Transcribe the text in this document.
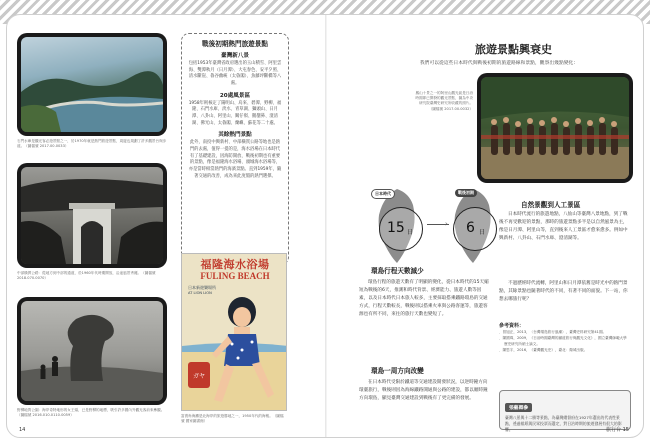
石門水庫是觀光客必遊景點之一，於1970年就是熱門旅遊景點，周邊也規劃了許多觀景台與步道。（圖檔號 2017.00.0033）
中部橫貫公路：從地方到中部的通道，於1960年代時期開放，沿途風景秀麗。（圖檔號 2018.070.0070）
野柳地質公園：海岸奇特地形的女王頭，已是野柳的地標，吸引許多國內外觀光客前來參觀。（圖檔號 2016.010.0110.0059）
戰後初期熱門旅遊景點
臺灣新八景
包括1953年臺灣省政府選出的玉山積雪、阿里雲海、雙潭秋月（日月潭）、大屯春色、安平夕照、清水斷崖、魯谷幽峽（太魯閣）、魚藤坪斷橋等八處。
20處風景區
1958年則核定了陽明山、烏來、碧潭、野柳、福隆、石門水庫、淡水、青草湖、獅頭山、日月潭、八卦山、阿里山、關仔嶺、鵝鑾鼻、澄清湖、佛光山、太魯閣、蘭嶼、蘇花等二十處。
其餘熱門景點
此外，南投中興新村、中部橫貫公路等地也是熱門的去處，值得一提的是，海水浴場在日本時代有了基礎建設，因海防開放、戰後初期也有重要的景點，像是福隆海水浴場、頭城海水浴場等，亦是當時相當熱門的海濱景點。直到1959年，隨著交通的改善，成為來此度假的熱門選擇。
福隆海水浴場
FULING BEACH
日本新遊樂場所
AT LION LION
ガヤ
富貴角海灘是北海岸的旅遊勝地之一，1950年代的海報。（圖檔號 國家圖書館）
14
旅遊景點興衰史
我們可以從這些日本時代與戰後初期的旅遊路線和景點，觀察出幾點變化：
鳳山十景之一的阿里山觀光區是日治時期即已開發的觀光景點，圖為中央研究院臺灣史研究所收藏的照片。（圖檔號 2017.00.0032）
15 日
日本時代
› 6 日
戰後初期
環島行程天數減少
環島行程的旅遊天數有了明顯的變化，從日本時代的15天縮短為戰後的6天，推測和時代背景、經濟能力、旅遊人數等因素，以及日本時代日本旅人較多，主要採取搭乘鐵路環島的交通方式，行程天數較長，戰後則以搭乘火車與公路客運等，旅遊客源也有所不同，來往的旅行天數也變短了。
環島一周方向改變
在日本時代受限於鐵道等交通建設開發狀況，以逆時鐘方向環臺旅行，戰後則因為海線鐵路開通與公路的建設，都以順時鐘方向環島，顯見臺灣交通建設到戰後有了更完備的發展。
自然景觀到人工景區
日本時代流行的旅遊地點，八仙山等臺灣八景地點，到了戰後不再受歡迎的景點，那時的旅遊景點多半是以自然風景為主，像是日月潭、阿里山等，直到後來人工景區才愈來愈多。例如中興新村、八卦山、石門水庫、澄清湖等。
不過歷經時代流轉，阿里山和日月潭依舊是時光中的熱門景點，其餘景點也隨著時代的不同，有著不同的面貌。下一站，你想去哪旅行呢？
參考資料：
．曾旭正，2013，〈台灣環島旅行風潮〉，臺灣史料研究第41期。
．陳國瑋，2009，《日治時期臺灣的鐵道旅行與觀光文化》，國立臺灣師範大學歷史研究所碩士論文。
．陳思宇，2016，《臺灣觀光史》，臺北：衛城出版。
張藝卿參
臺灣八景與十二勝等景點，為臺灣總督府在1927年選出的代表性景點，透過報紙與民眾投票而選定，對日治時期的旅遊發展有很大的影響。	旅行台 15
